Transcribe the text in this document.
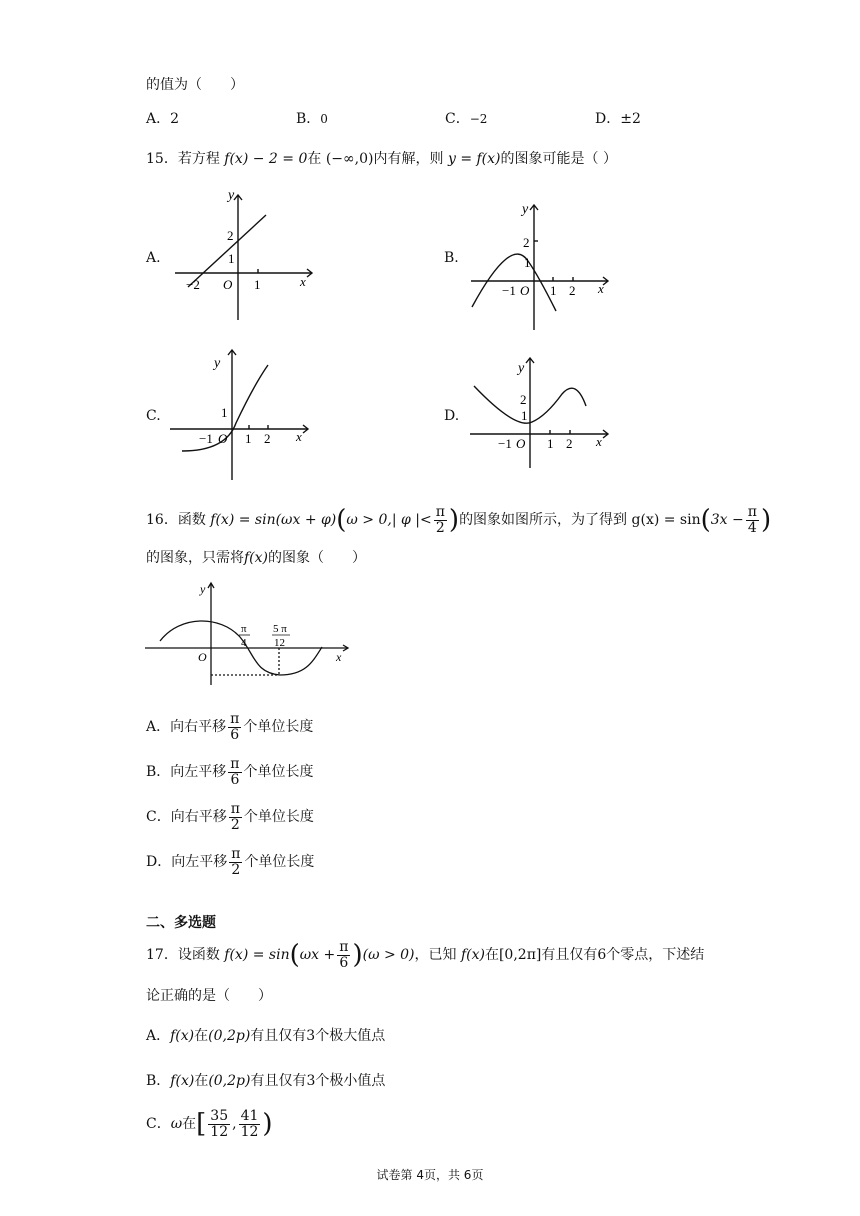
的值为（　　）
A．2	B．0	C．−2	D．±2
15．若方程 f(x) − 2 = 0在 (−∞,0)内有解，则 y = f(x)的图象可能是（ ）
A.	B.
C.	D.
y
x
2
1
−2 O 1
y
x
2
1
−1 O 1 2
y
x
1
−1 O 1 2
y
x
2
1
−1 O 1 2
16．函数 f(x) = sin(ωx + φ)(ω > 0,| φ |< $\frac{\pi}{2}$ )的图象如图所示，为了得到 $g(x) = \sin(3x - \frac{\pi}{4}$ )
的图象，只需将f(x)的图象（　　）
y
x
O
π
4
5 π
12
A．向右平移 $\frac{\pi}{6}$ 个单位长度
B．向左平移 $\frac{\pi}{6}$ 个单位长度
C．向右平移 $\frac{\pi}{2}$ 个单位长度
D．向左平移 $\frac{\pi}{2}$ 个单位长度
二、多选题
17．设函数 $f(x) = \sin(\omega x + \frac{\pi}{6} )(\omega > 0)$，已知 f(x)在[0,2π]有且仅有6个零点，下述结
论正确的是（　　）
A．f(x)在(0,2p)有且仅有3个极大值点
B．f(x)在(0,2p)有且仅有3个极小值点
C．ω在[ $\frac{35}{12}$ , $\frac{41}{12}$ )
试卷第 4页，共 6页
